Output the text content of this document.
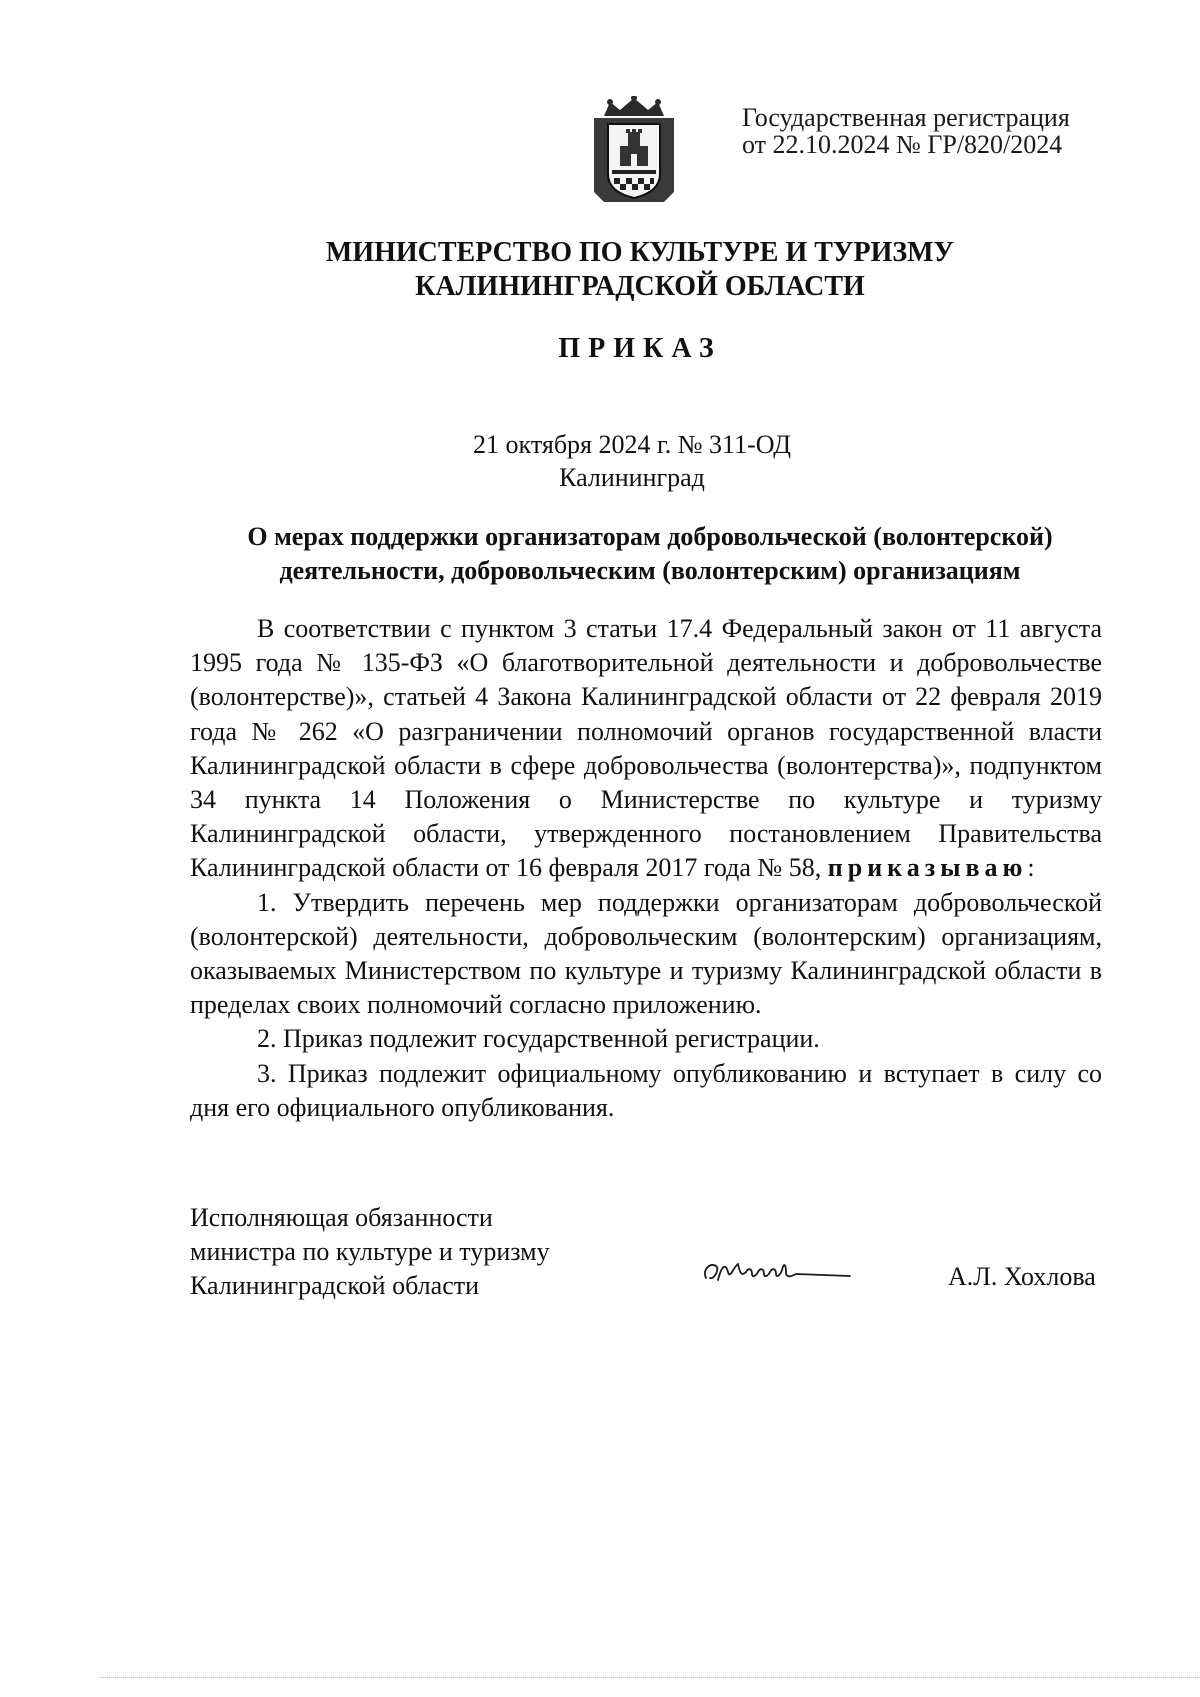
Государственная регистрация
от 22.10.2024 № ГР/820/2024
МИНИСТЕРСТВО ПО КУЛЬТУРЕ И ТУРИЗМУ
КАЛИНИНГРАДСКОЙ ОБЛАСТИ
ПРИКАЗ
21 октября 2024 г. № 311-ОД
Калининград
О мерах поддержки организаторам добровольческой (волонтерской)
деятельности, добровольческим (волонтерским) организациям

В соответствии с пунктом 3 статьи 17.4 Федеральный закон от 11 августа 1995 года № 135-ФЗ «О благотворительной деятельности и добровольчестве (волонтерстве)», статьей 4 Закона Калининградской области от 22 февраля 2019 года № 262 «О разграничении полномочий органов государственной власти Калининградской области в сфере добровольчества (волонтерства)», подпунктом 34 пункта 14 Положения о Министерстве по культуре и туризму Калининградской области, утвержденного постановлением Правительства Калининградской области от 16 февраля 2017 года № 58, приказываю:

1. Утвердить перечень мер поддержки организаторам добровольческой (волонтерской) деятельности, добровольческим (волонтерским) организациям, оказываемых Министерством по культуре и туризму Калининградской области в пределах своих полномочий согласно приложению.

2. Приказ подлежит государственной регистрации.

3. Приказ подлежит официальному опубликованию и вступает в силу со дня его официального опубликования.

Исполняющая обязанности
министра по культуре и туризму
Калининградской области	А.Л. Хохлова
